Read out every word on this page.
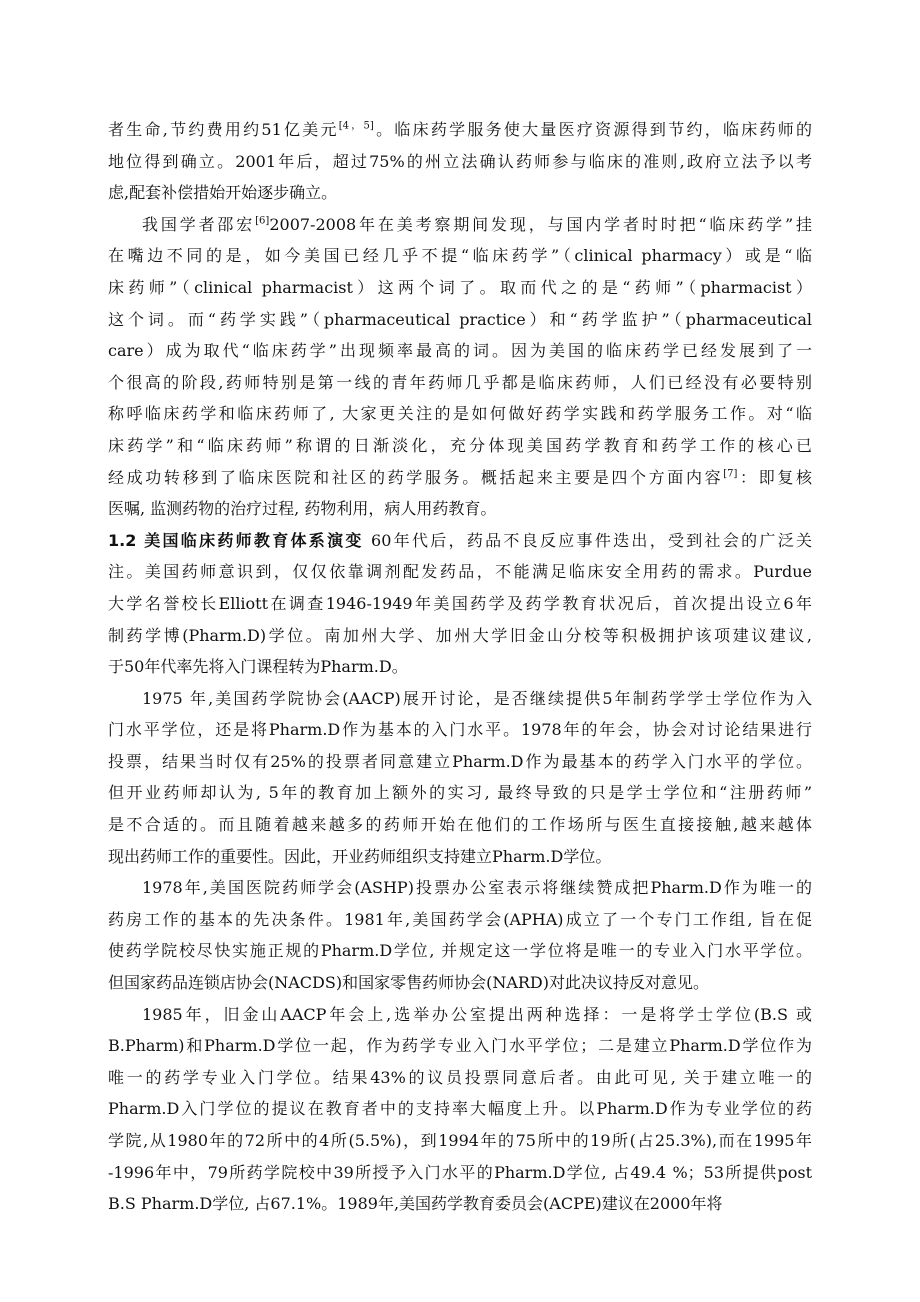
者生命,节约费用约51亿美元[4，5]。临床药学服务使大量医疗资源得到节约，临床药师的
地位得到确立。2001年后，超过75%的州立法确认药师参与临床的准则,政府立法予以考
虑,配套补偿措始开始逐步确立。
我国学者邵宏[6]2007-2008年在美考察期间发现，与国内学者时时把“临床药学”挂
在嘴边不同的是，如今美国已经几乎不提“临床药学”（clinical pharmacy）或是“临
床药师”（clinical pharmacist）这两个词了。取而代之的是“药师”（pharmacist）
这个词。而“药学实践”（pharmaceutical practice）和“药学监护”（pharmaceutical
care）成为取代“临床药学”出现频率最高的词。因为美国的临床药学已经发展到了一
个很高的阶段,药师特别是第一线的青年药师几乎都是临床药师，人们已经没有必要特别
称呼临床药学和临床药师了, 大家更关注的是如何做好药学实践和药学服务工作。对“临
床药学”和“临床药师”称谓的日渐淡化，充分体现美国药学教育和药学工作的核心已
经成功转移到了临床医院和社区的药学服务。概括起来主要是四个方面内容[7]：即复核
医嘱, 监测药物的治疗过程, 药物利用，病人用药教育。
1.2 美国临床药师教育体系演变 60年代后，药品不良反应事件迭出，受到社会的广泛关
注。美国药师意识到，仅仅依靠调剂配发药品，不能满足临床安全用药的需求。Purdue
大学名誉校长Elliott在调查1946-1949年美国药学及药学教育状况后，首次提出设立6年
制药学博(Pharm.D)学位。南加州大学、加州大学旧金山分校等积极拥护该项建议建议,
于50年代率先将入门课程转为Pharm.D。
1975 年,美国药学院协会(AACP)展开讨论，是否继续提供5年制药学学士学位作为入
门水平学位，还是将Pharm.D作为基本的入门水平。1978年的年会，协会对讨论结果进行
投票，结果当时仅有25%的投票者同意建立Pharm.D作为最基本的药学入门水平的学位。
但开业药师却认为, 5年的教育加上额外的实习, 最终导致的只是学士学位和“注册药师”
是不合适的。而且随着越来越多的药师开始在他们的工作场所与医生直接接触,越来越体
现出药师工作的重要性。因此，开业药师组织支持建立Pharm.D学位。
1978年,美国医院药师学会(ASHP)投票办公室表示将继续赞成把Pharm.D作为唯一的
药房工作的基本的先决条件。1981年,美国药学会(APHA)成立了一个专门工作组, 旨在促
使药学院校尽快实施正规的Pharm.D学位, 并规定这一学位将是唯一的专业入门水平学位。
但国家药品连锁店协会(NACDS)和国家零售药师协会(NARD)对此决议持反对意见。
1985年，旧金山AACP年会上,选举办公室提出两种选择：一是将学士学位(B.S 或
B.Pharm)和Pharm.D学位一起，作为药学专业入门水平学位；二是建立Pharm.D学位作为
唯一的药学专业入门学位。结果43%的议员投票同意后者。由此可见, 关于建立唯一的
Pharm.D入门学位的提议在教育者中的支持率大幅度上升。以Pharm.D作为专业学位的药
学院,从1980年的72所中的4所(5.5%)，到1994年的75所中的19所(占25.3%),而在1995年
-1996年中，79所药学院校中39所授予入门水平的Pharm.D学位, 占49.4 %；53所提供post
B.S Pharm.D学位, 占67.1%。1989年,美国药学教育委员会(ACPE)建议在2000年将
